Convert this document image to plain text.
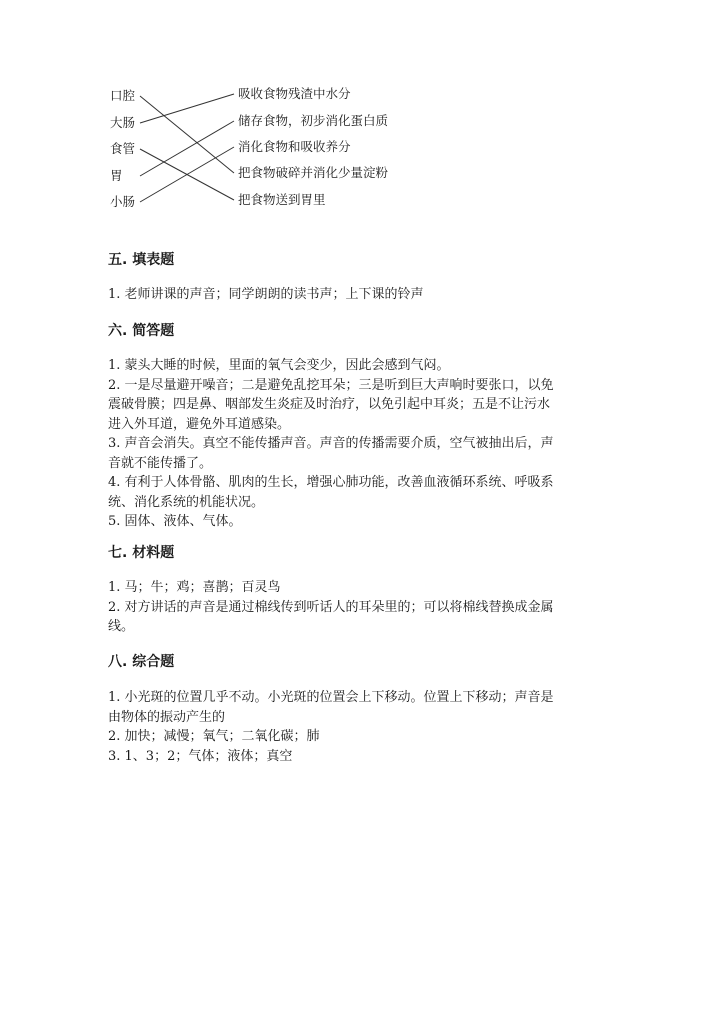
口腔
大肠
食管
胃
小肠
吸收食物残渣中水分
储存食物，初步消化蛋白质
消化食物和吸收养分
把食物破碎并消化少量淀粉
把食物送到胃里
五. 填表题

1. 老师讲课的声音；同学朗朗的读书声；上下课的铃声

六. 简答题

1. 蒙头大睡的时候，里面的氧气会变少，因此会感到气闷。

2. 一是尽量避开噪音；二是避免乱挖耳朵；三是听到巨大声响时要张口，以免

震破骨膜；四是鼻、咽部发生炎症及时治疗，以免引起中耳炎；五是不让污水

进入外耳道，避免外耳道感染。

3. 声音会消失。真空不能传播声音。声音的传播需要介质，空气被抽出后，声

音就不能传播了。

4. 有利于人体骨骼、肌肉的生长，增强心肺功能，改善血液循环系统、呼吸系

统、消化系统的机能状况。

5. 固体、液体、气体。

七. 材料题

1. 马；牛；鸡；喜鹊；百灵鸟

2. 对方讲话的声音是通过棉线传到听话人的耳朵里的；可以将棉线替换成金属

线。

八. 综合题

1. 小光斑的位置几乎不动。小光斑的位置会上下移动。位置上下移动；声音是

由物体的振动产生的

2. 加快；减慢；氧气；二氧化碳；肺

3. 1、3；2；气体；液体；真空
